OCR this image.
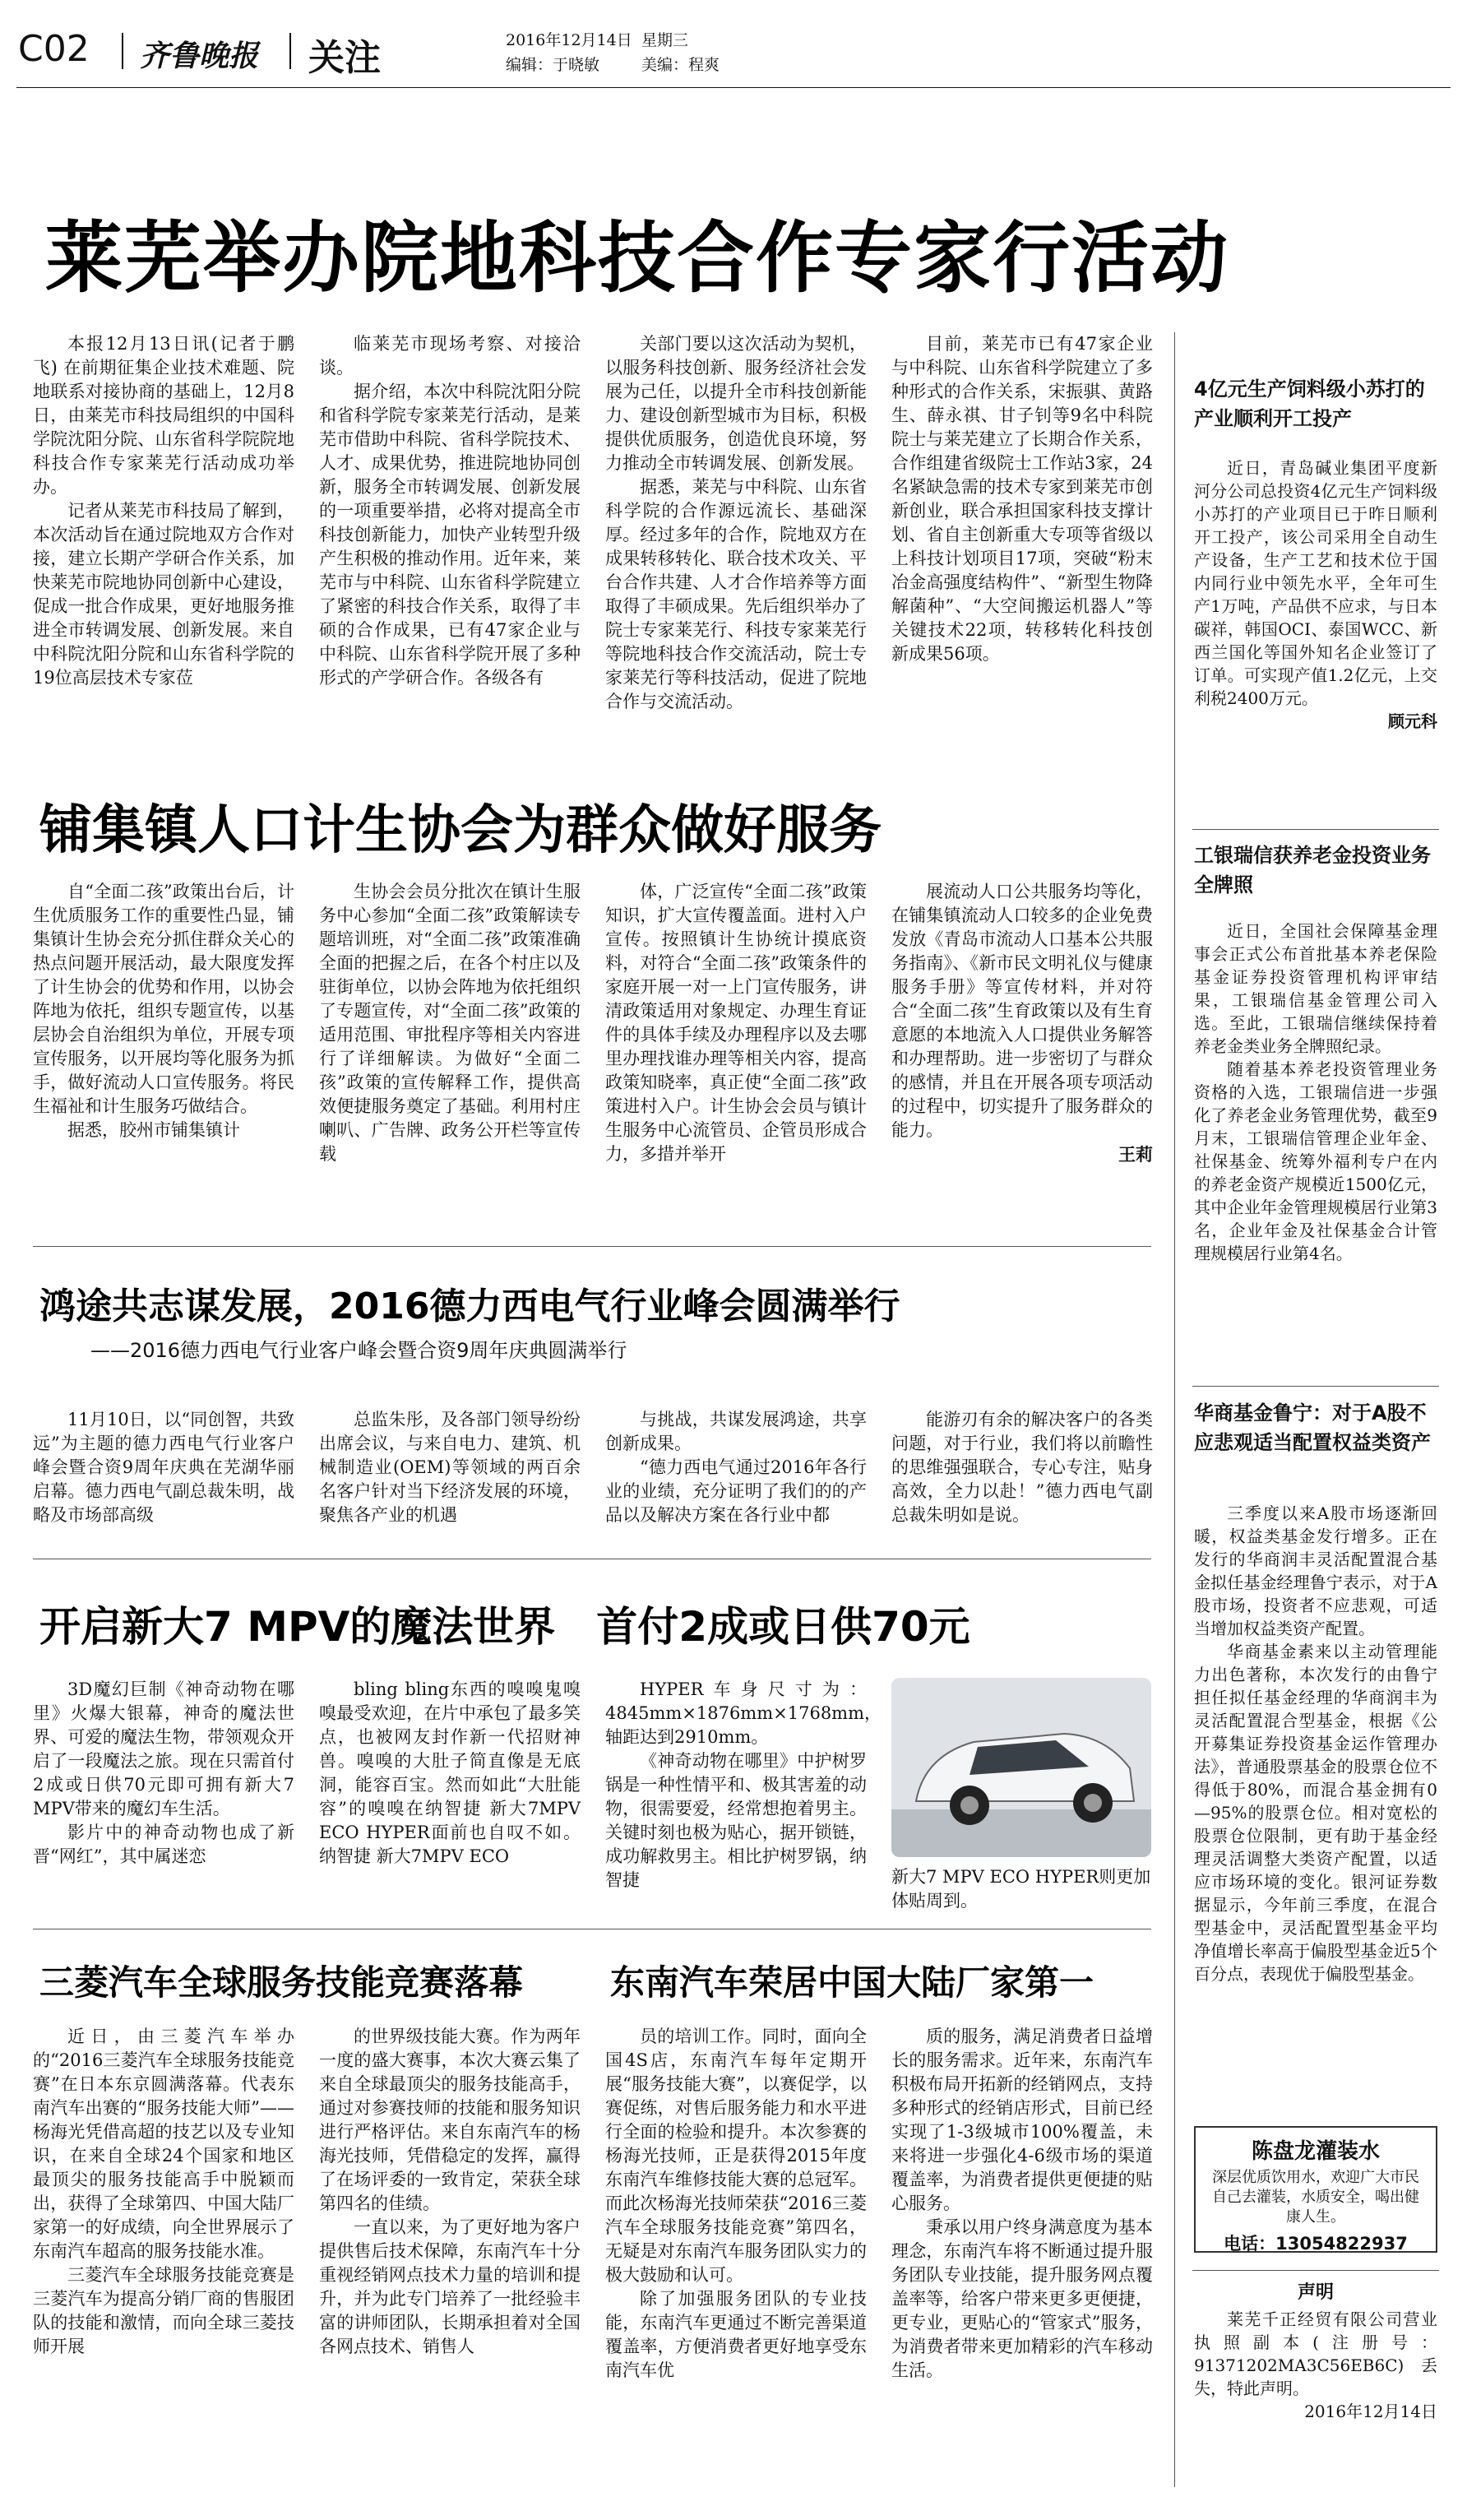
C02 齐鲁晚报 关注	2016年12月14日 星期三
编辑：于晓敏	美编：程爽
莱芜举办院地科技合作专家行活动

本报12月13日讯(记者于鹏飞) 在前期征集企业技术难题、院地联系对接协商的基础上，12月8日，由莱芜市科技局组织的中国科学院沈阳分院、山东省科学院院地科技合作专家莱芜行活动成功举办。

记者从莱芜市科技局了解到，本次活动旨在通过院地双方合作对接，建立长期产学研合作关系，加快莱芜市院地协同创新中心建设，促成一批合作成果，更好地服务推进全市转调发展、创新发展。来自中科院沈阳分院和山东省科学院的19位高层技术专家莅

临莱芜市现场考察、对接洽谈。

据介绍，本次中科院沈阳分院和省科学院专家莱芜行活动，是莱芜市借助中科院、省科学院技术、人才、成果优势，推进院地协同创新，服务全市转调发展、创新发展的一项重要举措，必将对提高全市科技创新能力，加快产业转型升级产生积极的推动作用。近年来，莱芜市与中科院、山东省科学院建立了紧密的科技合作关系，取得了丰硕的合作成果，已有47家企业与中科院、山东省科学院开展了多种形式的产学研合作。各级各有

关部门要以这次活动为契机，以服务科技创新、服务经济社会发展为己任，以提升全市科技创新能力、建设创新型城市为目标，积极提供优质服务，创造优良环境，努力推动全市转调发展、创新发展。

据悉，莱芜与中科院、山东省科学院的合作源远流长、基础深厚。经过多年的合作，院地双方在成果转移转化、联合技术攻关、平台合作共建、人才合作培养等方面取得了丰硕成果。先后组织举办了院士专家莱芜行、科技专家莱芜行等院地科技合作交流活动，院士专家莱芜行等科技活动，促进了院地合作与交流活动。

目前，莱芜市已有47家企业与中科院、山东省科学院建立了多种形式的合作关系，宋振骐、黄路生、薛永祺、甘子钊等9名中科院院士与莱芜建立了长期合作关系，合作组建省级院士工作站3家，24名紧缺急需的技术专家到莱芜市创新创业，联合承担国家科技支撑计划、省自主创新重大专项等省级以上科技计划项目17项，突破“粉末冶金高强度结构件”、“新型生物降解菌种”、“大空间搬运机器人”等关键技术22项，转移转化科技创新成果56项。

铺集镇人口计生协会为群众做好服务

自“全面二孩”政策出台后，计生优质服务工作的重要性凸显，铺集镇计生协会充分抓住群众关心的热点问题开展活动，最大限度发挥了计生协会的优势和作用，以协会阵地为依托，组织专题宣传，以基层协会自治组织为单位，开展专项宣传服务，以开展均等化服务为抓手，做好流动人口宣传服务。将民生福祉和计生服务巧做结合。

据悉，胶州市铺集镇计

生协会会员分批次在镇计生服务中心参加“全面二孩”政策解读专题培训班，对“全面二孩”政策准确全面的把握之后，在各个村庄以及驻街单位，以协会阵地为依托组织了专题宣传，对“全面二孩”政策的适用范围、审批程序等相关内容进行了详细解读。为做好“全面二孩”政策的宣传解释工作，提供高效便捷服务奠定了基础。利用村庄喇叭、广告牌、政务公开栏等宣传载

体，广泛宣传“全面二孩”政策知识，扩大宣传覆盖面。进村入户宣传。按照镇计生协统计摸底资料，对符合“全面二孩”政策条件的家庭开展一对一上门宣传服务，讲清政策适用对象规定、办理生育证件的具体手续及办理程序以及去哪里办理找谁办理等相关内容，提高政策知晓率，真正使“全面二孩”政策进村入户。计生协会会员与镇计生服务中心流管员、企管员形成合力，多措并举开

展流动人口公共服务均等化，在铺集镇流动人口较多的企业免费发放《青岛市流动人口基本公共服务指南》、《新市民文明礼仪与健康服务手册》等宣传材料，并对符合“全面二孩”生育政策以及有生育意愿的本地流入人口提供业务解答和办理帮助。进一步密切了与群众的感情，并且在开展各项专项活动的过程中，切实提升了服务群众的能力。

王莉
鸿途共志谋发展，2016德力西电气行业峰会圆满举行
——2016德力西电气行业客户峰会暨合资9周年庆典圆满举行

11月10日，以“同创智，共致远”为主题的德力西电气行业客户峰会暨合资9周年庆典在芜湖华丽启幕。德力西电气副总裁朱明，战略及市场部高级

总监朱彤，及各部门领导纷纷出席会议，与来自电力、建筑、机械制造业(OEM)等领域的两百余名客户针对当下经济发展的环境，聚焦各产业的机遇

与挑战，共谋发展鸿途，共享创新成果。

“德力西电气通过2016年各行业的业绩，充分证明了我们的的产品以及解决方案在各行业中都

能游刃有余的解决客户的各类问题，对于行业，我们将以前瞻性的思维强强联合，专心专注，贴身高效，全力以赴！”德力西电气副总裁朱明如是说。

开启新大7 MPV的魔法世界　首付2成或日供70元

3D魔幻巨制《神奇动物在哪里》火爆大银幕，神奇的魔法世界、可爱的魔法生物，带领观众开启了一段魔法之旅。现在只需首付2成或日供70元即可拥有新大7 MPV带来的魔幻车生活。

影片中的神奇动物也成了新晋“网红”，其中属迷恋

bling bling东西的嗅嗅鬼嗅嗅最受欢迎，在片中承包了最多笑点，也被网友封作新一代招财神兽。嗅嗅的大肚子简直像是无底洞，能容百宝。然而如此“大肚能容”的嗅嗅在纳智捷 新大7MPV ECO HYPER面前也自叹不如。纳智捷 新大7MPV ECO

HYPER车身尺寸为：4845mm×1876mm×1768mm，轴距达到2910mm。

《神奇动物在哪里》中护树罗锅是一种性情平和、极其害羞的动物，很需要爱，经常想抱着男主。关键时刻也极为贴心，据开锁链，成功解救男主。相比护树罗锅，纳智捷	新大7 MPV ECO HYPER则更加体贴周到。
三菱汽车全球服务技能竞赛落幕	东南汽车荣居中国大陆厂家第一

近日，由三菱汽车举办的“2016三菱汽车全球服务技能竞赛”在日本东京圆满落幕。代表东南汽车出赛的“服务技能大师”——杨海光凭借高超的技艺以及专业知识，在来自全球24个国家和地区最顶尖的服务技能高手中脱颖而出，获得了全球第四、中国大陆厂家第一的好成绩，向全世界展示了东南汽车超高的服务技能水准。

三菱汽车全球服务技能竞赛是三菱汽车为提高分销厂商的售服团队的技能和激情，而向全球三菱技师开展

的世界级技能大赛。作为两年一度的盛大赛事，本次大赛云集了来自全球最顶尖的服务技能高手，通过对参赛技师的技能和服务知识进行严格评估。来自东南汽车的杨海光技师，凭借稳定的发挥，赢得了在场评委的一致肯定，荣获全球第四名的佳绩。

一直以来，为了更好地为客户提供售后技术保障，东南汽车十分重视经销网点技术力量的培训和提升，并为此专门培养了一批经验丰富的讲师团队，长期承担着对全国各网点技术、销售人

员的培训工作。同时，面向全国4S店，东南汽车每年定期开展“服务技能大赛”，以赛促学，以赛促练，对售后服务能力和水平进行全面的检验和提升。本次参赛的杨海光技师，正是获得2015年度东南汽车维修技能大赛的总冠军。而此次杨海光技师荣获“2016三菱汽车全球服务技能竞赛”第四名，无疑是对东南汽车服务团队实力的极大鼓励和认可。

除了加强服务团队的专业技能，东南汽车更通过不断完善渠道覆盖率，方便消费者更好地享受东南汽车优

质的服务，满足消费者日益增长的服务需求。近年来，东南汽车积极布局开拓新的经销网点，支持多种形式的经销店形式，目前已经实现了1-3级城市100%覆盖，未来将进一步强化4-6级市场的渠道覆盖率，为消费者提供更便捷的贴心服务。

秉承以用户终身满意度为基本理念，东南汽车将不断通过提升服务团队专业技能，提升服务网点覆盖率等，给客户带来更多更便捷，更专业，更贴心的“管家式”服务，为消费者带来更加精彩的汽车移动生活。

4亿元生产饲料级小苏打的产业顺利开工投产

近日，青岛碱业集团平度新河分公司总投资4亿元生产饲料级小苏打的产业项目已于昨日顺利开工投产，该公司采用全自动生产设备，生产工艺和技术位于国内同行业中领先水平，全年可生产1万吨，产品供不应求，与日本碳祥，韩国OCI、泰国WCC、新西兰国化等国外知名企业签订了订单。可实现产值1.2亿元，上交利税2400万元。

顾元科
工银瑞信获养老金投资业务全牌照

近日，全国社会保障基金理事会正式公布首批基本养老保险基金证券投资管理机构评审结果，工银瑞信基金管理公司入选。至此，工银瑞信继续保持着养老金类业务全牌照纪录。

随着基本养老投资管理业务资格的入选，工银瑞信进一步强化了养老金业务管理优势，截至9月末，工银瑞信管理企业年金、社保基金、统筹外福利专户在内的养老金资产规模近1500亿元，其中企业年金管理规模居行业第3名，企业年金及社保基金合计管理规模居行业第4名。

华商基金鲁宁：对于A股不应悲观适当配置权益类资产

三季度以来A股市场逐渐回暖，权益类基金发行增多。正在发行的华商润丰灵活配置混合基金拟任基金经理鲁宁表示，对于A股市场，投资者不应悲观，可适当增加权益类资产配置。

华商基金素来以主动管理能力出色著称，本次发行的由鲁宁担任拟任基金经理的华商润丰为灵活配置混合型基金，根据《公开募集证券投资基金运作管理办法》，普通股票基金的股票仓位不得低于80%，而混合基金拥有0—95%的股票仓位。相对宽松的股票仓位限制，更有助于基金经理灵活调整大类资产配置，以适应市场环境的变化。银河证券数据显示，今年前三季度，在混合型基金中，灵活配置型基金平均净值增长率高于偏股型基金近5个百分点，表现优于偏股型基金。

陈盘龙灌装水
深层优质饮用水，欢迎广大市民自己去灌装，水质安全，喝出健康人生。
电话：13054822937
声明

莱芜千正经贸有限公司营业执照副本(注册号：91371202MA3C56EB6C)丢失，特此声明。

2016年12月14日
